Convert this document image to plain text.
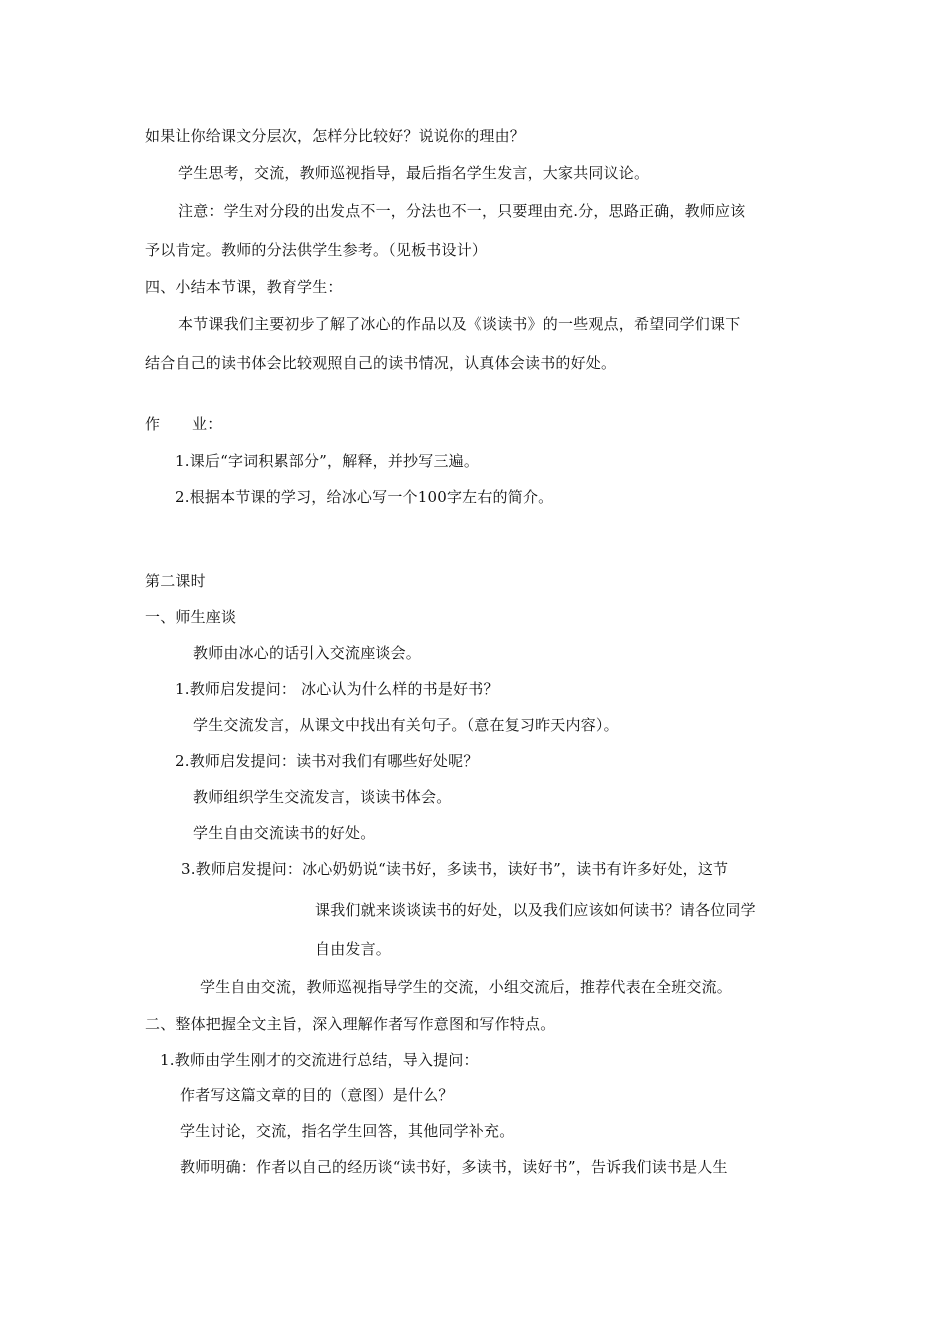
如果让你给课文分层次，怎样分比较好？说说你的理由？
学生思考，交流，教师巡视指导，最后指名学生发言，大家共同议论。
注意：学生对分段的出发点不一，分法也不一，只要理由充.分，思路正确，教师应该
予以肯定。教师的分法供学生参考。（见板书设计）
四、小结本节课，教育学生：
本节课我们主要初步了解了冰心的作品以及《谈读书》的一些观点，希望同学们课下
结合自己的读书体会比较观照自己的读书情况，认真体会读书的好处。
作 业：
1.课后“字词积累部分”，解释，并抄写三遍。
2.根据本节课的学习，给冰心写一个100字左右的简介。
第二课时
一、师生座谈
教师由冰心的话引入交流座谈会。
1.教师启发提问： 冰心认为什么样的书是好书？
学生交流发言，从课文中找出有关句子。（意在复习昨天内容）。
2.教师启发提问：读书对我们有哪些好处呢？
教师组织学生交流发言，谈读书体会。
学生自由交流读书的好处。
3.教师启发提问：冰心奶奶说“读书好，多读书，读好书”，读书有许多好处，这节
课我们就来谈谈读书的好处，以及我们应该如何读书？请各位同学
自由发言。
学生自由交流，教师巡视指导学生的交流，小组交流后，推荐代表在全班交流。
二、整体把握全文主旨，深入理解作者写作意图和写作特点。
1.教师由学生刚才的交流进行总结，导入提问：
作者写这篇文章的目的（意图）是什么？
学生讨论，交流，指名学生回答，其他同学补充。
教师明确：作者以自己的经历谈“读书好，多读书，读好书”，告诉我们读书是人生
